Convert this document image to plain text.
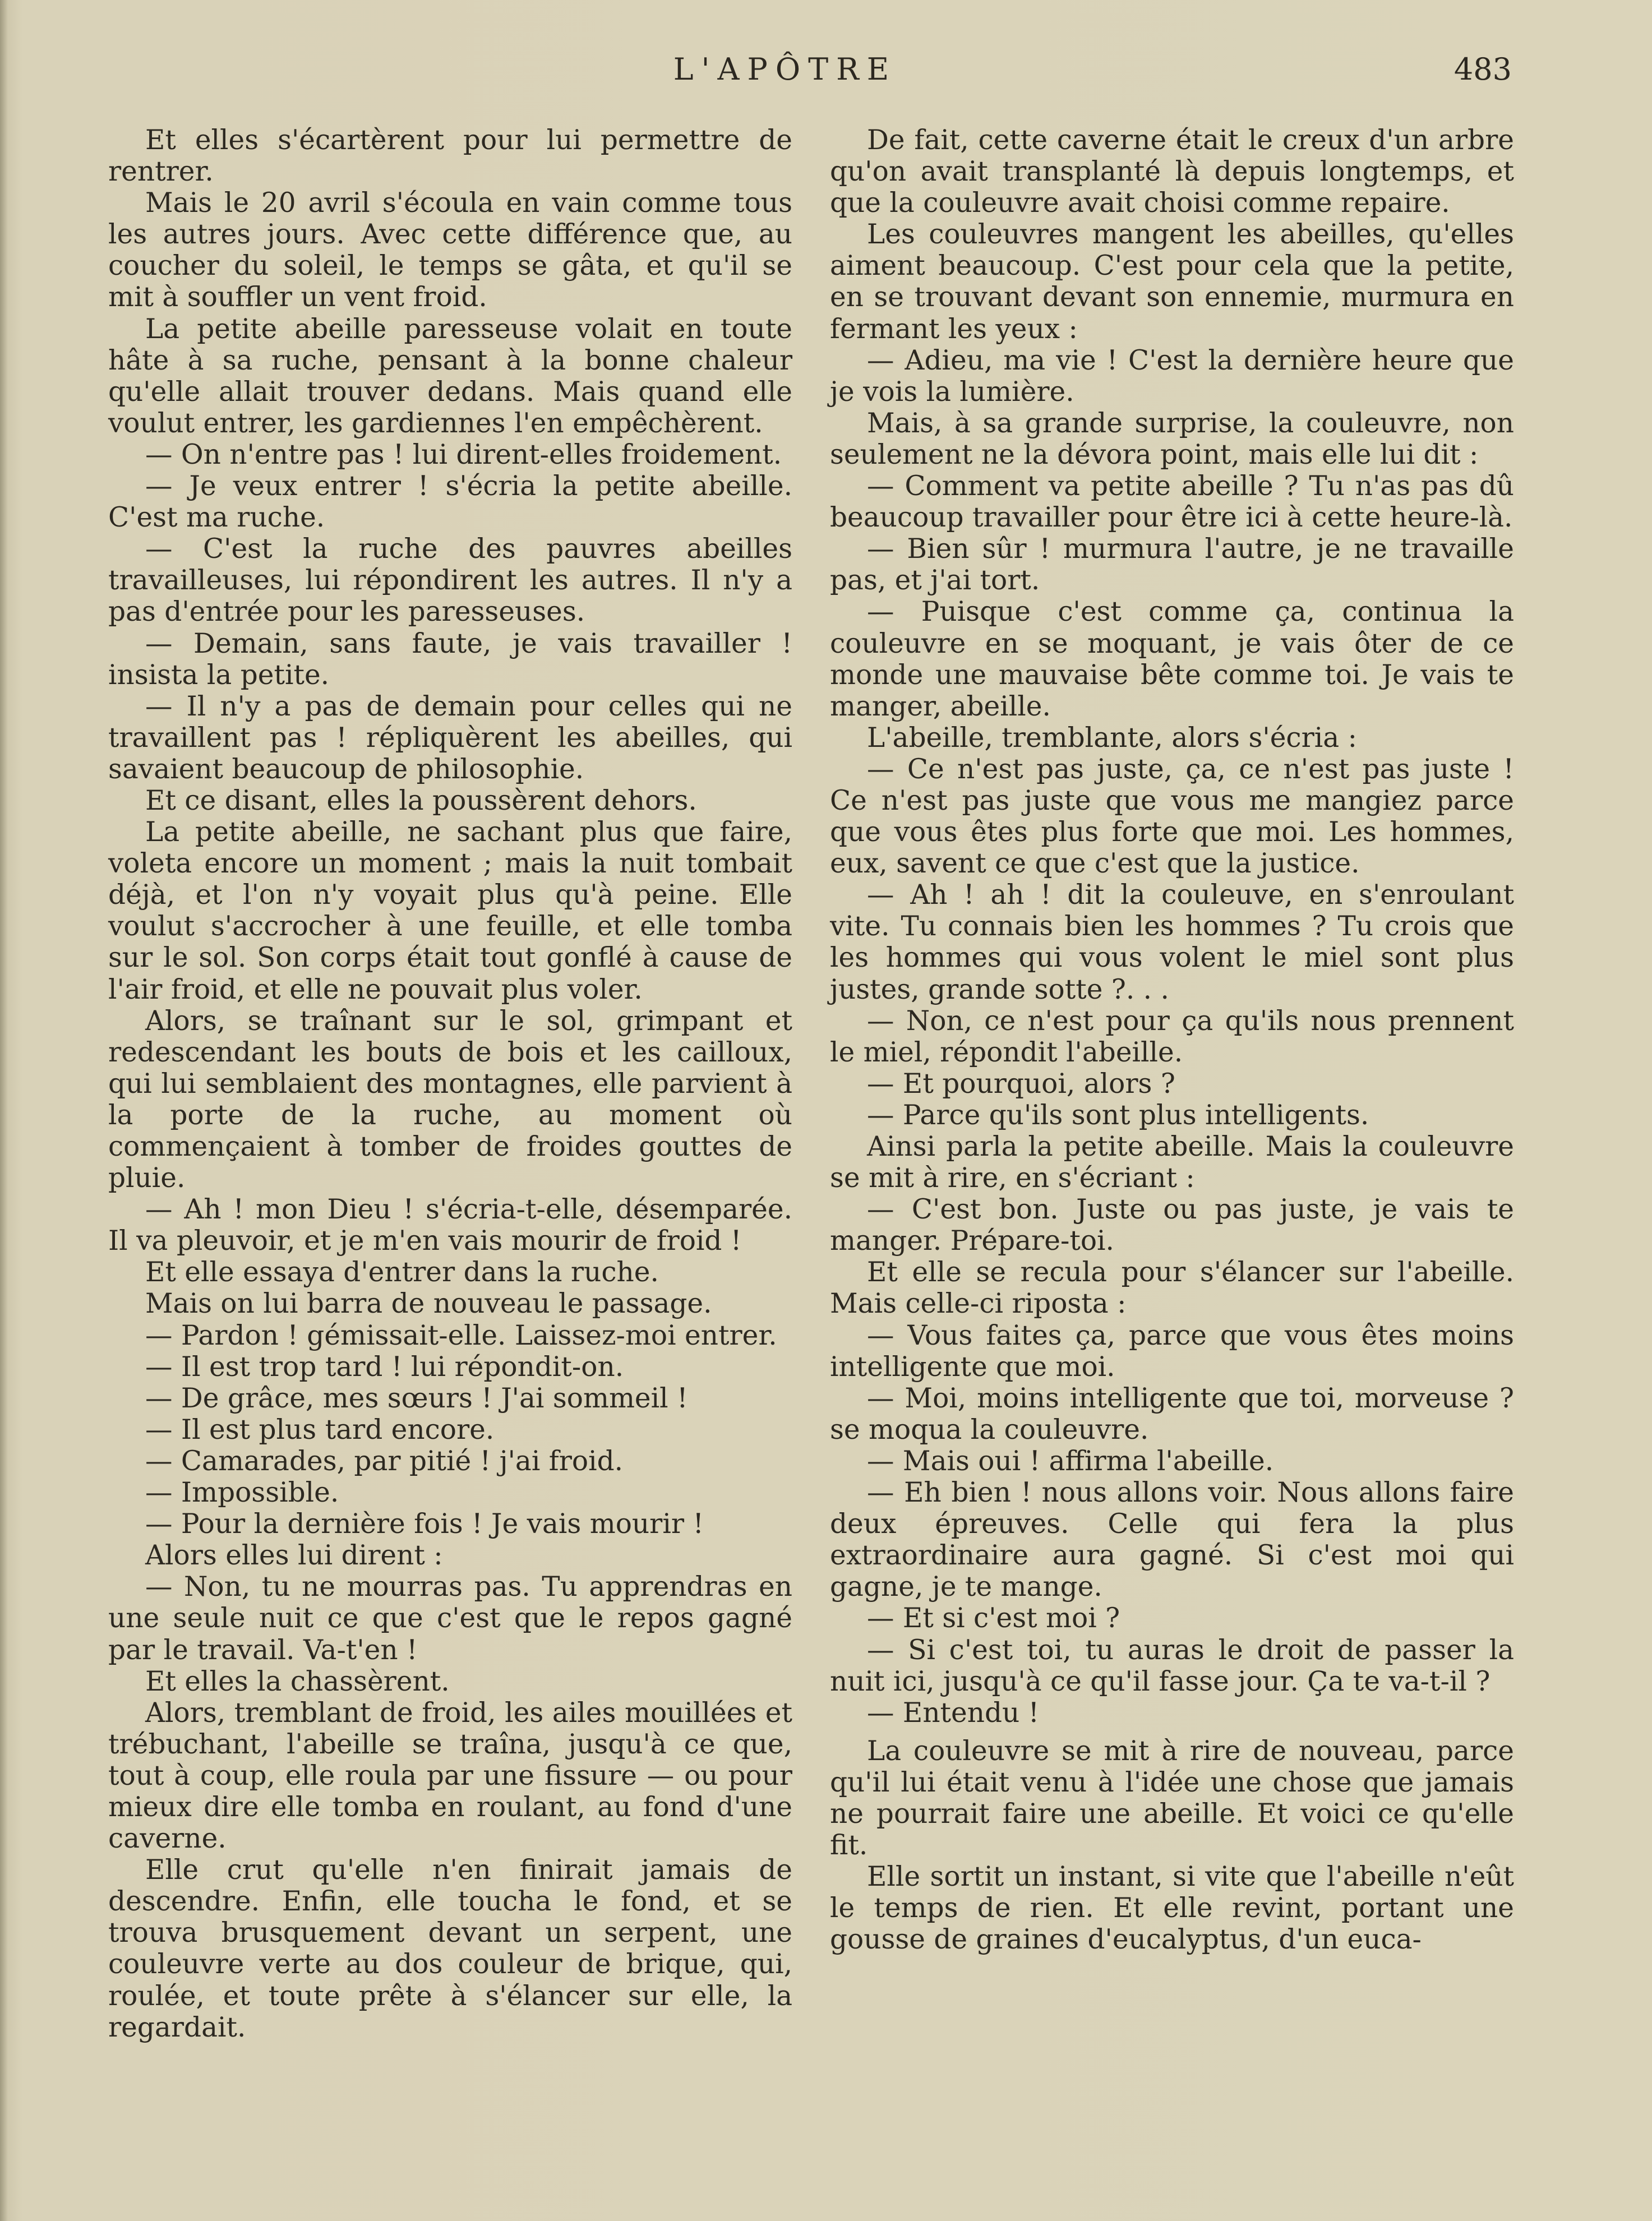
L'APÔTRE	483

Et elles s'écartèrent pour lui permettre de rentrer.

Mais le 20 avril s'écoula en vain comme tous les autres jours. Avec cette différence que, au coucher du soleil, le temps se gâta, et qu'il se mit à souffler un vent froid.

La petite abeille paresseuse volait en toute hâte à sa ruche, pensant à la bonne chaleur qu'elle allait trouver dedans. Mais quand elle voulut entrer, les gardiennes l'en empêchèrent.

— On n'entre pas ! lui dirent-elles froidement.

— Je veux entrer ! s'écria la petite abeille. C'est ma ruche.

— C'est la ruche des pauvres abeilles travailleuses, lui répondirent les autres. Il n'y a pas d'entrée pour les paresseuses.

— Demain, sans faute, je vais travailler ! insista la petite.

— Il n'y a pas de demain pour celles qui ne travaillent pas ! répliquèrent les abeilles, qui savaient beaucoup de philosophie.

Et ce disant, elles la poussèrent dehors.

La petite abeille, ne sachant plus que faire, voleta encore un moment ; mais la nuit tombait déjà, et l'on n'y voyait plus qu'à peine. Elle voulut s'accrocher à une feuille, et elle tomba sur le sol. Son corps était tout gonflé à cause de l'air froid, et elle ne pouvait plus voler.

Alors, se traînant sur le sol, grimpant et redescendant les bouts de bois et les cailloux, qui lui semblaient des montagnes, elle parvient à la porte de la ruche, au moment où commençaient à tomber de froides gouttes de pluie.

— Ah ! mon Dieu ! s'écria-t-elle, désemparée. Il va pleuvoir, et je m'en vais mourir de froid !

Et elle essaya d'entrer dans la ruche.

Mais on lui barra de nouveau le passage.

— Pardon ! gémissait-elle. Laissez-moi entrer.

— Il est trop tard ! lui répondit-on.

— De grâce, mes sœurs ! J'ai sommeil !

— Il est plus tard encore.

— Camarades, par pitié ! j'ai froid.

— Impossible.

— Pour la dernière fois ! Je vais mourir !

Alors elles lui dirent :

— Non, tu ne mourras pas. Tu apprendras en une seule nuit ce que c'est que le repos gagné par le travail. Va-t'en !

Et elles la chassèrent.

Alors, tremblant de froid, les ailes mouillées et trébuchant, l'abeille se traîna, jusqu'à ce que, tout à coup, elle roula par une fissure — ou pour mieux dire elle tomba en roulant, au fond d'une caverne.

Elle crut qu'elle n'en finirait jamais de descendre. Enfin, elle toucha le fond, et se trouva brusquement devant un serpent, une couleuvre verte au dos couleur de brique, qui, roulée, et toute prête à s'élancer sur elle, la regardait.

De fait, cette caverne était le creux d'un arbre qu'on avait transplanté là depuis longtemps, et que la couleuvre avait choisi comme repaire.

Les couleuvres mangent les abeilles, qu'elles aiment beaucoup. C'est pour cela que la petite, en se trouvant devant son ennemie, murmura en fermant les yeux :

— Adieu, ma vie ! C'est la dernière heure que je vois la lumière.

Mais, à sa grande surprise, la couleuvre, non seulement ne la dévora point, mais elle lui dit :

— Comment va petite abeille ? Tu n'as pas dû beaucoup travailler pour être ici à cette heure-là.

— Bien sûr ! murmura l'autre, je ne travaille pas, et j'ai tort.

— Puisque c'est comme ça, continua la couleuvre en se moquant, je vais ôter de ce monde une mauvaise bête comme toi. Je vais te manger, abeille.

L'abeille, tremblante, alors s'écria :

— Ce n'est pas juste, ça, ce n'est pas juste ! Ce n'est pas juste que vous me mangiez parce que vous êtes plus forte que moi. Les hommes, eux, savent ce que c'est que la justice.

— Ah ! ah ! dit la couleuve, en s'enroulant vite. Tu connais bien les hommes ? Tu crois que les hommes qui vous volent le miel sont plus justes, grande sotte ?. . .

— Non, ce n'est pour ça qu'ils nous prennent le miel, répondit l'abeille.

— Et pourquoi, alors ?

— Parce qu'ils sont plus intelligents.

Ainsi parla la petite abeille. Mais la couleuvre se mit à rire, en s'écriant :

— C'est bon. Juste ou pas juste, je vais te manger. Prépare-toi.

Et elle se recula pour s'élancer sur l'abeille. Mais celle-ci riposta :

— Vous faites ça, parce que vous êtes moins intelligente que moi.

— Moi, moins intelligente que toi, morveuse ? se moqua la couleuvre.

— Mais oui ! affirma l'abeille.

— Eh bien ! nous allons voir. Nous allons faire deux épreuves. Celle qui fera la plus extraordinaire aura gagné. Si c'est moi qui gagne, je te mange.

— Et si c'est moi ?

— Si c'est toi, tu auras le droit de passer la nuit ici, jusqu'à ce qu'il fasse jour. Ça te va-t-il ?

— Entendu !

La couleuvre se mit à rire de nouveau, parce qu'il lui était venu à l'idée une chose que jamais ne pourrait faire une abeille. Et voici ce qu'elle fit.

Elle sortit un instant, si vite que l'abeille n'eût le temps de rien. Et elle revint, portant une gousse de graines d'eucalyptus, d'un euca-
